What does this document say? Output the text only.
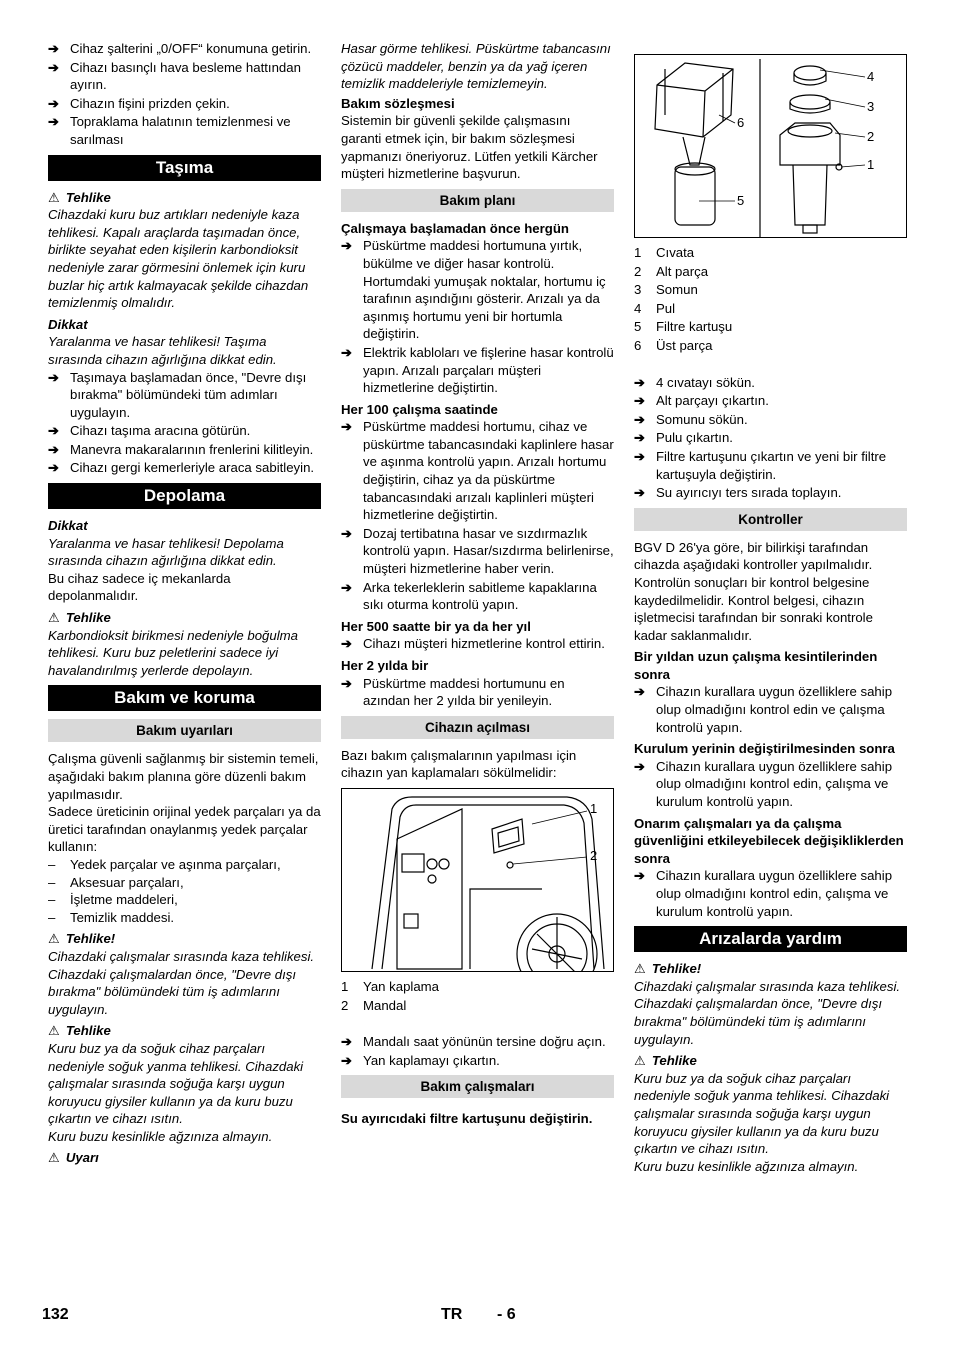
➔ Cihaz şalterini „0/OFF“ konumuna getirin.
➔ Cihazı basınçlı hava besleme hattından ayırın.
➔ Cihazın fişini prizden çekin.
➔ Topraklama halatının temizlenmesi ve sarılması
Taşıma
⚠ Tehlike

Cihazdaki kuru buz artıkları nedeniyle kaza tehlikesi. Kapalı araçlarda taşımadan önce, birlikte seyahat eden kişilerin karbondioksit nedeniyle zarar görmesini önlemek için kuru buzlar hiç artık kalmayacak şekilde cihazdan temizlenmiş olmalıdır.

Dikkat

Yaralanma ve hasar tehlikesi! Taşıma sırasında cihazın ağırlığına dikkat edin.

➔ Taşımaya başlamadan önce, "Devre dışı bırakma" bölümündeki tüm adımları uygulayın.
➔ Cihazı taşıma aracına götürün.
➔ Manevra makaralarının frenlerini kilitleyin.
➔ Cihazı gergi kemerleriyle araca sabitleyin.
Depolama
Dikkat

Yaralanma ve hasar tehlikesi! Depolama sırasında cihazın ağırlığına dikkat edin.

Bu cihaz sadece iç mekanlarda depolanmalıdır.

⚠ Tehlike

Karbondioksit birikmesi nedeniyle boğulma tehlikesi. Kuru buz peletlerini sadece iyi havalandırılmış yerlerde depolayın.

Bakım ve koruma
Bakım uyarıları

Çalışma güvenli sağlanmış bir sistemin temeli, aşağıdaki bakım planına göre düzenli bakım yapılmasıdır.

Sadece üreticinin orijinal yedek parçaları ya da üretici tarafından onaylanmış yedek parçalar kullanın:

– Yedek parçalar ve aşınma parçaları,
– Aksesuar parçaları,
– İşletme maddeleri,
– Temizlik maddesi.
⚠ Tehlike!

Cihazdaki çalışmalar sırasında kaza tehlikesi. Cihazdaki çalışmalardan önce, "Devre dışı bırakma" bölümündeki tüm iş adımlarını uygulayın.

⚠ Tehlike

Kuru buz ya da soğuk cihaz parçaları nedeniyle soğuk yanma tehlikesi. Cihazdaki çalışmalar sırasında soğuğa karşı uygun koruyucu giysiler kullanın ya da kuru buzu çıkartın ve cihazı ısıtın.

Kuru buzu kesinlikle ağzınıza almayın.

⚠ Uyarı

Hasar görme tehlikesi. Püskürtme tabancasını çözücü maddeler, benzin ya da yağ içeren temizlik maddeleriyle temizlemeyin.

Bakım sözleşmesi

Sistemin bir güvenli şekilde çalışmasını garanti etmek için, bir bakım sözleşmesi yapmanızı öneriyoruz. Lütfen yetkili Kärcher müşteri hizmetlerine başvurun.

Bakım planı
Çalışmaya başlamadan önce hergün
➔ Püskürtme maddesi hortumuna yırtık, bükülme ve diğer hasar kontrolü. Hortumdaki yumuşak noktalar, hortumu iç tarafının aşındığını gösterir. Arızalı ya da aşınmış hortumu yeni bir hortumla değiştirin.
➔ Elektrik kabloları ve fişlerine hasar kontrolü yapın. Arızalı parçaları müşteri hizmetlerine değiştirtin.
Her 100 çalışma saatinde
➔ Püskürtme maddesi hortumu, cihaz ve püskürtme tabancasındaki kaplinlere hasar ve aşınma kontrolü yapın. Arızalı hortumu değiştirin, cihaz ya da püskürtme tabancasındaki arızalı kaplinleri müşteri hizmetlerine değiştirtin.
➔ Dozaj tertibatına hasar ve sızdırmazlık kontrolü yapın. Hasar/sızdırma belirlenirse, müşteri hizmetlerine haber verin.
➔ Arka tekerleklerin sabitleme kapaklarına sıkı oturma kontrolü yapın.
Her 500 saatte bir ya da her yıl
➔ Cihazı müşteri hizmetlerine kontrol ettirin.
Her 2 yılda bir
➔ Püskürtme maddesi hortumunu en azından her 2 yılda bir yenileyin.
Cihazın açılması

Bazı bakım çalışmalarının yapılması için cihazın yan kaplamaları sökülmelidir:

1
2
1	Yan kaplama
2	Mandal
➔ Mandalı saat yönünün tersine doğru açın.
➔ Yan kaplamayı çıkartın.
Bakım çalışmaları
Su ayırıcıdaki filtre kartuşunu değiştirin.
4
3
2
1
6
5
1	Cıvata
2	Alt parça
3	Somun
4	Pul
5	Filtre kartuşu
6	Üst parça
➔ 4 cıvatayı sökün.
➔ Alt parçayı çıkartın.
➔ Somunu sökün.
➔ Pulu çıkartın.
➔ Filtre kartuşunu çıkartın ve yeni bir filtre kartuşuyla değiştirin.
➔ Su ayırıcıyı ters sırada toplayın.
Kontroller

BGV D 26'ya göre, bir bilirkişi tarafından cihazda aşağıdaki kontroller yapılmalıdır. Kontrolün sonuçları bir kontrol belgesine kaydedilmelidir. Kontrol belgesi, cihazın işletmecisi tarafından bir sonraki kontrole kadar saklanmalıdır.

Bir yıldan uzun çalışma kesintilerinden sonra
➔ Cihazın kurallara uygun özelliklere sahip olup olmadığını kontrol edin ve çalışma kontrolü yapın.
Kurulum yerinin değiştirilmesinden sonra
➔ Cihazın kurallara uygun özelliklere sahip olup olmadığını kontrol edin, çalışma ve kurulum kontrolü yapın.
Onarım çalışmaları ya da çalışma güvenliğini etkileyebilecek değişikliklerden sonra
➔ Cihazın kurallara uygun özelliklere sahip olup olmadığını kontrol edin, çalışma ve kurulum kontrolü yapın.
Arızalarda yardım
⚠ Tehlike!

Cihazdaki çalışmalar sırasında kaza tehlikesi. Cihazdaki çalışmalardan önce, "Devre dışı bırakma" bölümündeki tüm iş adımlarını uygulayın.

⚠ Tehlike

Kuru buz ya da soğuk cihaz parçaları nedeniyle soğuk yanma tehlikesi. Cihazdaki çalışmalar sırasında soğuğa karşı uygun koruyucu giysiler kullanın ya da kuru buzu çıkartın ve cihazı ısıtın.

Kuru buzu kesinlikle ağzınıza almayın.

132	TR - 6
